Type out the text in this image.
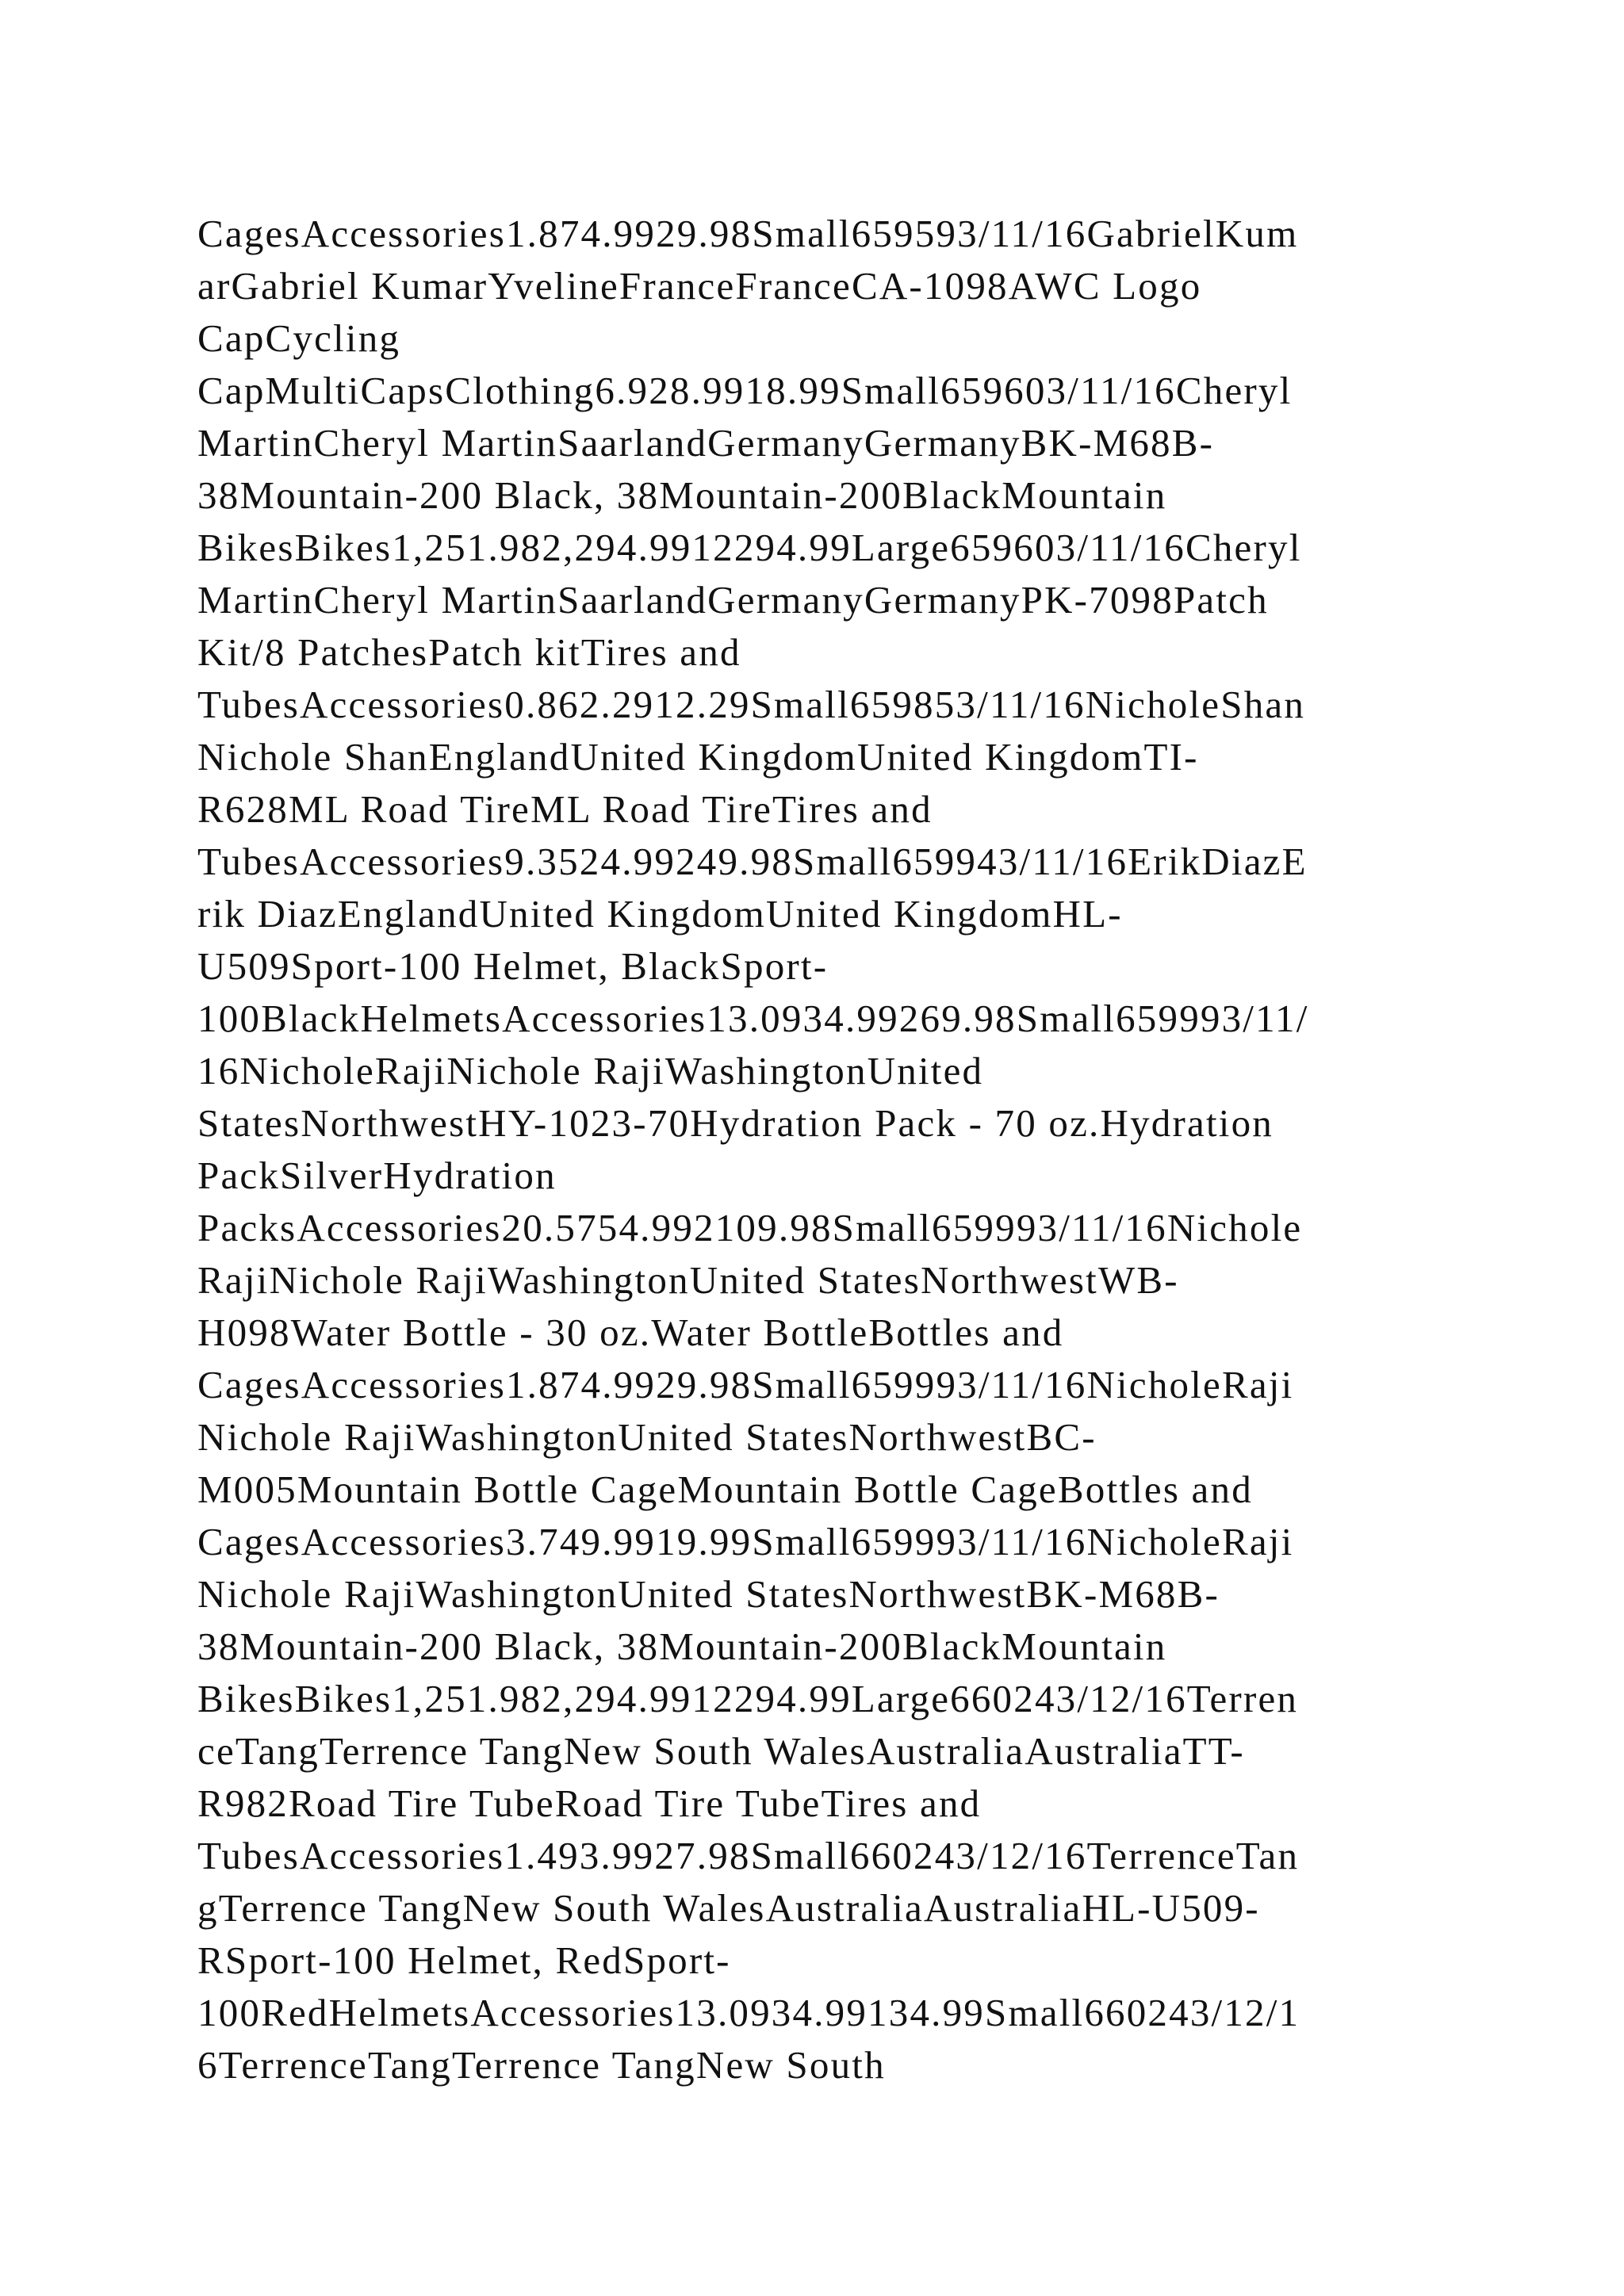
CagesAccessories1.874.9929.98Small659593/11/16GabrielKum
arGabriel KumarYvelineFranceFranceCA-1098AWC Logo
CapCycling
CapMultiCapsClothing6.928.9918.99Small659603/11/16Cheryl
MartinCheryl MartinSaarlandGermanyGermanyBK-M68B-
38Mountain-200 Black, 38Mountain-200BlackMountain
BikesBikes1,251.982,294.9912294.99Large659603/11/16Cheryl
MartinCheryl MartinSaarlandGermanyGermanyPK-7098Patch
Kit/8 PatchesPatch kitTires and
TubesAccessories0.862.2912.29Small659853/11/16NicholeShan
Nichole ShanEnglandUnited KingdomUnited KingdomTI-
R628ML Road TireML Road TireTires and
TubesAccessories9.3524.99249.98Small659943/11/16ErikDiazE
rik DiazEnglandUnited KingdomUnited KingdomHL-
U509Sport-100 Helmet, BlackSport-
100BlackHelmetsAccessories13.0934.99269.98Small659993/11/
16NicholeRajiNichole RajiWashingtonUnited
StatesNorthwestHY-1023-70Hydration Pack - 70 oz.Hydration
PackSilverHydration
PacksAccessories20.5754.992109.98Small659993/11/16Nichole
RajiNichole RajiWashingtonUnited StatesNorthwestWB-
H098Water Bottle - 30 oz.Water BottleBottles and
CagesAccessories1.874.9929.98Small659993/11/16NicholeRaji
Nichole RajiWashingtonUnited StatesNorthwestBC-
M005Mountain Bottle CageMountain Bottle CageBottles and
CagesAccessories3.749.9919.99Small659993/11/16NicholeRaji
Nichole RajiWashingtonUnited StatesNorthwestBK-M68B-
38Mountain-200 Black, 38Mountain-200BlackMountain
BikesBikes1,251.982,294.9912294.99Large660243/12/16Terren
ceTangTerrence TangNew South WalesAustraliaAustraliaTT-
R982Road Tire TubeRoad Tire TubeTires and
TubesAccessories1.493.9927.98Small660243/12/16TerrenceTan
gTerrence TangNew South WalesAustraliaAustraliaHL-U509-
RSport-100 Helmet, RedSport-
100RedHelmetsAccessories13.0934.99134.99Small660243/12/1
6TerrenceTangTerrence TangNew South
